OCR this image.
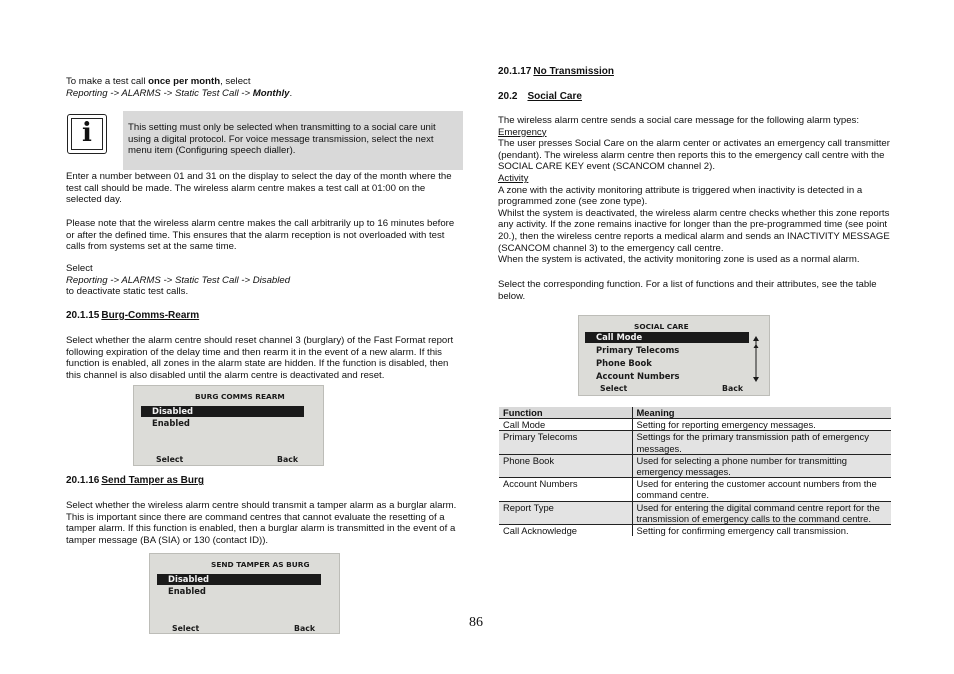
To make a test call once per month, select
Reporting -> ALARMS -> Static Test Call -> Monthly.

i	This setting must only be selected when transmitting to a social care unit using a digital protocol. For voice message transmission, select the next menu item (Configuring speech dialler).

Enter a number between 01 and 31 on the display to select the day of the month where the test call should be made. The wireless alarm centre makes a test call at 01:00 on the selected day.

Please note that the wireless alarm centre makes the call arbitrarily up to 16 minutes before or after the defined time. This ensures that the alarm reception is not overloaded with test calls from systems set at the same time.

Select
Reporting -> ALARMS -> Static Test Call -> Disabled
to deactivate static test calls.

20.1.15 Burg-Comms-Rearm

Select whether the alarm centre should reset channel 3 (burglary) of the Fast Format report following expiration of the delay time and then rearm it in the event of a new alarm. If this function is enabled, all zones in the alarm state are hidden. If the function is disabled, then this channel is also disabled until the alarm centre is deactivated and reset.

BURG COMMS REARM
Disabled
Enabled
Select	Back

20.1.16 Send Tamper as Burg

Select whether the wireless alarm centre should transmit a tamper alarm as a burglar alarm. This is important since there are command centres that cannot evaluate the resetting of a tamper alarm. If this function is enabled, then a burglar alarm is transmitted in the event of a tamper message (BA (SIA) or 130 (contact ID)).

SEND TAMPER AS BURG
Disabled
Enabled
Select	Back

20.1.17 No Transmission

20.2 Social Care

The wireless alarm centre sends a social care message for the following alarm types:

Emergency

The user presses Social Care on the alarm center or activates an emergency call transmitter (pendant). The wireless alarm centre then reports this to the emergency call centre with the SOCIAL CARE KEY event (SCANCOM channel 2).

Activity

A zone with the activity monitoring attribute is triggered when inactivity is detected in a programmed zone (see zone type).

Whilst the system is deactivated, the wireless alarm centre checks whether this zone reports any activity. If the zone remains inactive for longer than the pre-programmed time (see point 20.), then the wireless centre reports a medical alarm and sends an INACTIVITY MESSAGE (SCANCOM channel 3) to the emergency call centre.

When the system is activated, the activity monitoring zone is used as a normal alarm.

Select the corresponding function. For a list of functions and their attributes, see the table below.

SOCIAL CARE
Call Mode
Primary Telecoms
Phone Book
Account Numbers
Select	Back
Function	Meaning
Call Mode	Setting for reporting emergency messages.
Primary Telecoms	Settings for the primary transmission path of emergency messages.
Phone Book	Used for selecting a phone number for transmitting emergency messages.
Account Numbers	Used for entering the customer account numbers from the command centre.
Report Type	Used for entering the digital command centre report for the transmission of emergency calls to the command centre.
Call Acknowledge	Setting for confirming emergency call transmission.
86
